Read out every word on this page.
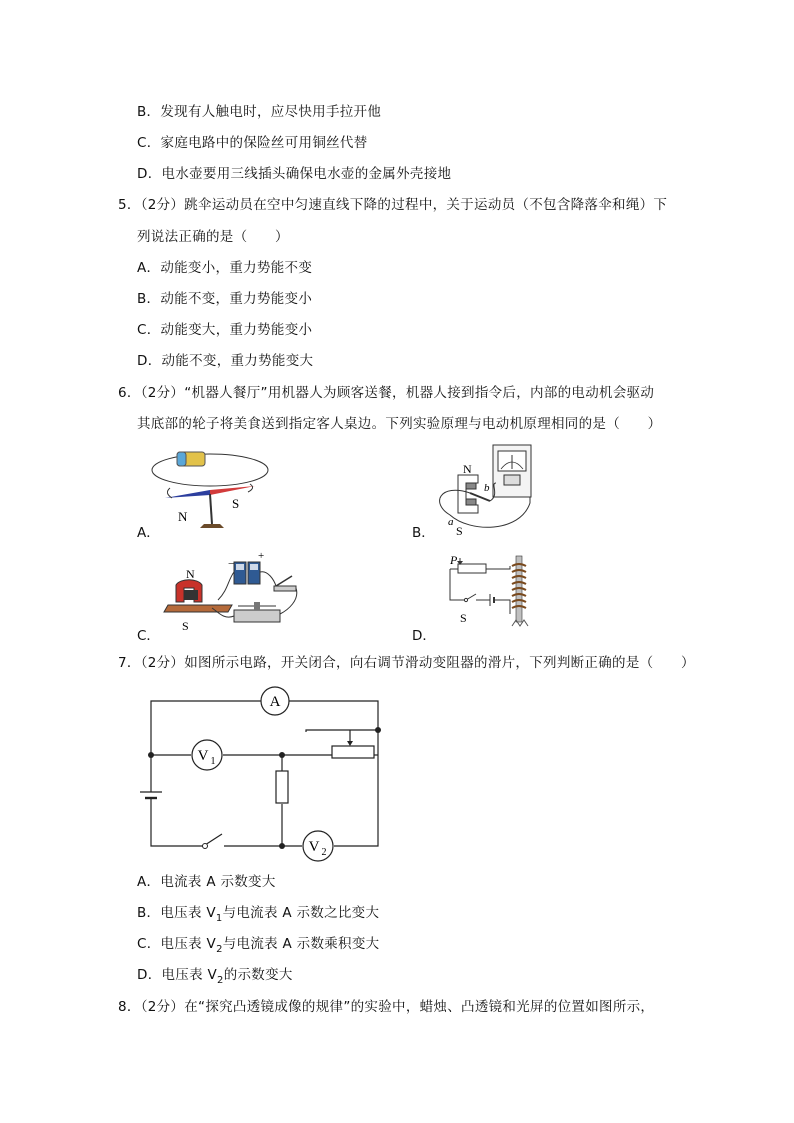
B．发现有人触电时，应尽快用手拉开他
C．家庭电路中的保险丝可用铜丝代替
D．电水壶要用三线插头确保电水壶的金属外壳接地
5．（2分）跳伞运动员在空中匀速直线下降的过程中，关于运动员（不包含降落伞和绳）下
列说法正确的是（　　）
A．动能变小，重力势能不变
B．动能不变，重力势能变小
C．动能变大，重力势能变小
D．动能不变，重力势能变大
6．（2分）“机器人餐厅”用机器人为顾客送餐，机器人接到指令后，内部的电动机会驱动
其底部的轮子将美食送到指定客人桌边。下列实验原理与电动机原理相同的是（　　）
A．
N
S
B．
N
S
a
b
C．
N
S
+
−
D．
P
S
7．（2分）如图所示电路，开关闭合，向右调节滑动变阻器的滑片，下列判断正确的是（　　）
A
V 1
V 2
A．电流表 A 示数变大
B．电压表 $V_1$与电流表 A 示数之比变大
C．电压表 $V_2$与电流表 A 示数乘积变大
D．电压表 $V_2$的示数变大
8．（2分）在“探究凸透镜成像的规律”的实验中，蜡烛、凸透镜和光屏的位置如图所示，
